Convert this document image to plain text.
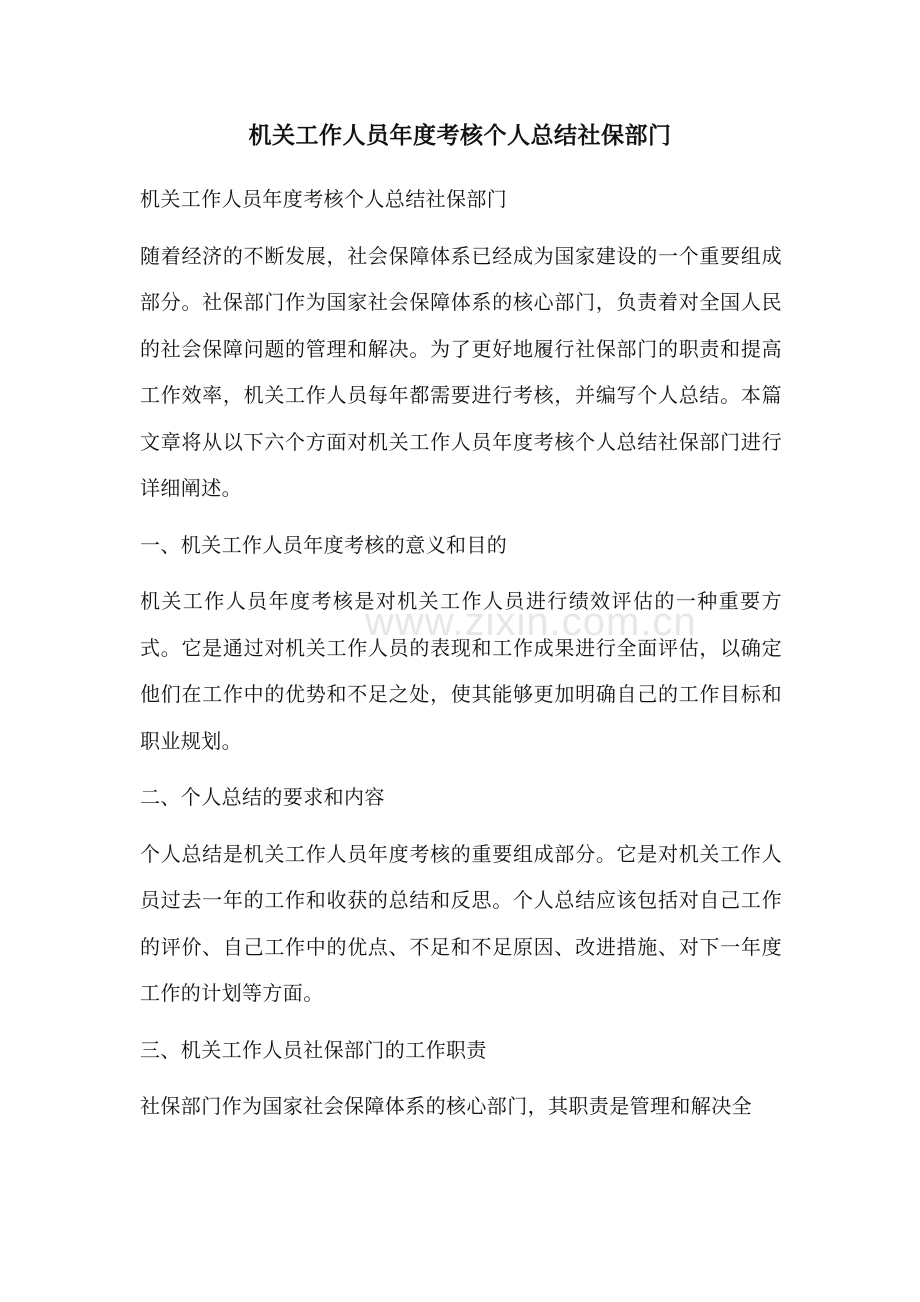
机关工作人员年度考核个人总结社保部门

机关工作人员年度考核个人总结社保部门

随着经济的不断发展，社会保障体系已经成为国家建设的一个重要组成部分。社保部门作为国家社会保障体系的核心部门，负责着对全国人民的社会保障问题的管理和解决。为了更好地履行社保部门的职责和提高工作效率，机关工作人员每年都需要进行考核，并编写个人总结。本篇文章将从以下六个方面对机关工作人员年度考核个人总结社保部门进行详细阐述。

一、机关工作人员年度考核的意义和目的

机关工作人员年度考核是对机关工作人员进行绩效评估的一种重要方式。它是通过对机关工作人员的表现和工作成果进行全面评估，以确定他们在工作中的优势和不足之处，使其能够更加明确自己的工作目标和职业规划。

二、个人总结的要求和内容

个人总结是机关工作人员年度考核的重要组成部分。它是对机关工作人员过去一年的工作和收获的总结和反思。个人总结应该包括对自己工作的评价、自己工作中的优点、不足和不足原因、改进措施、对下一年度工作的计划等方面。

三、机关工作人员社保部门的工作职责

社保部门作为国家社会保障体系的核心部门，其职责是管理和解决全

www.zixin.com.cn
